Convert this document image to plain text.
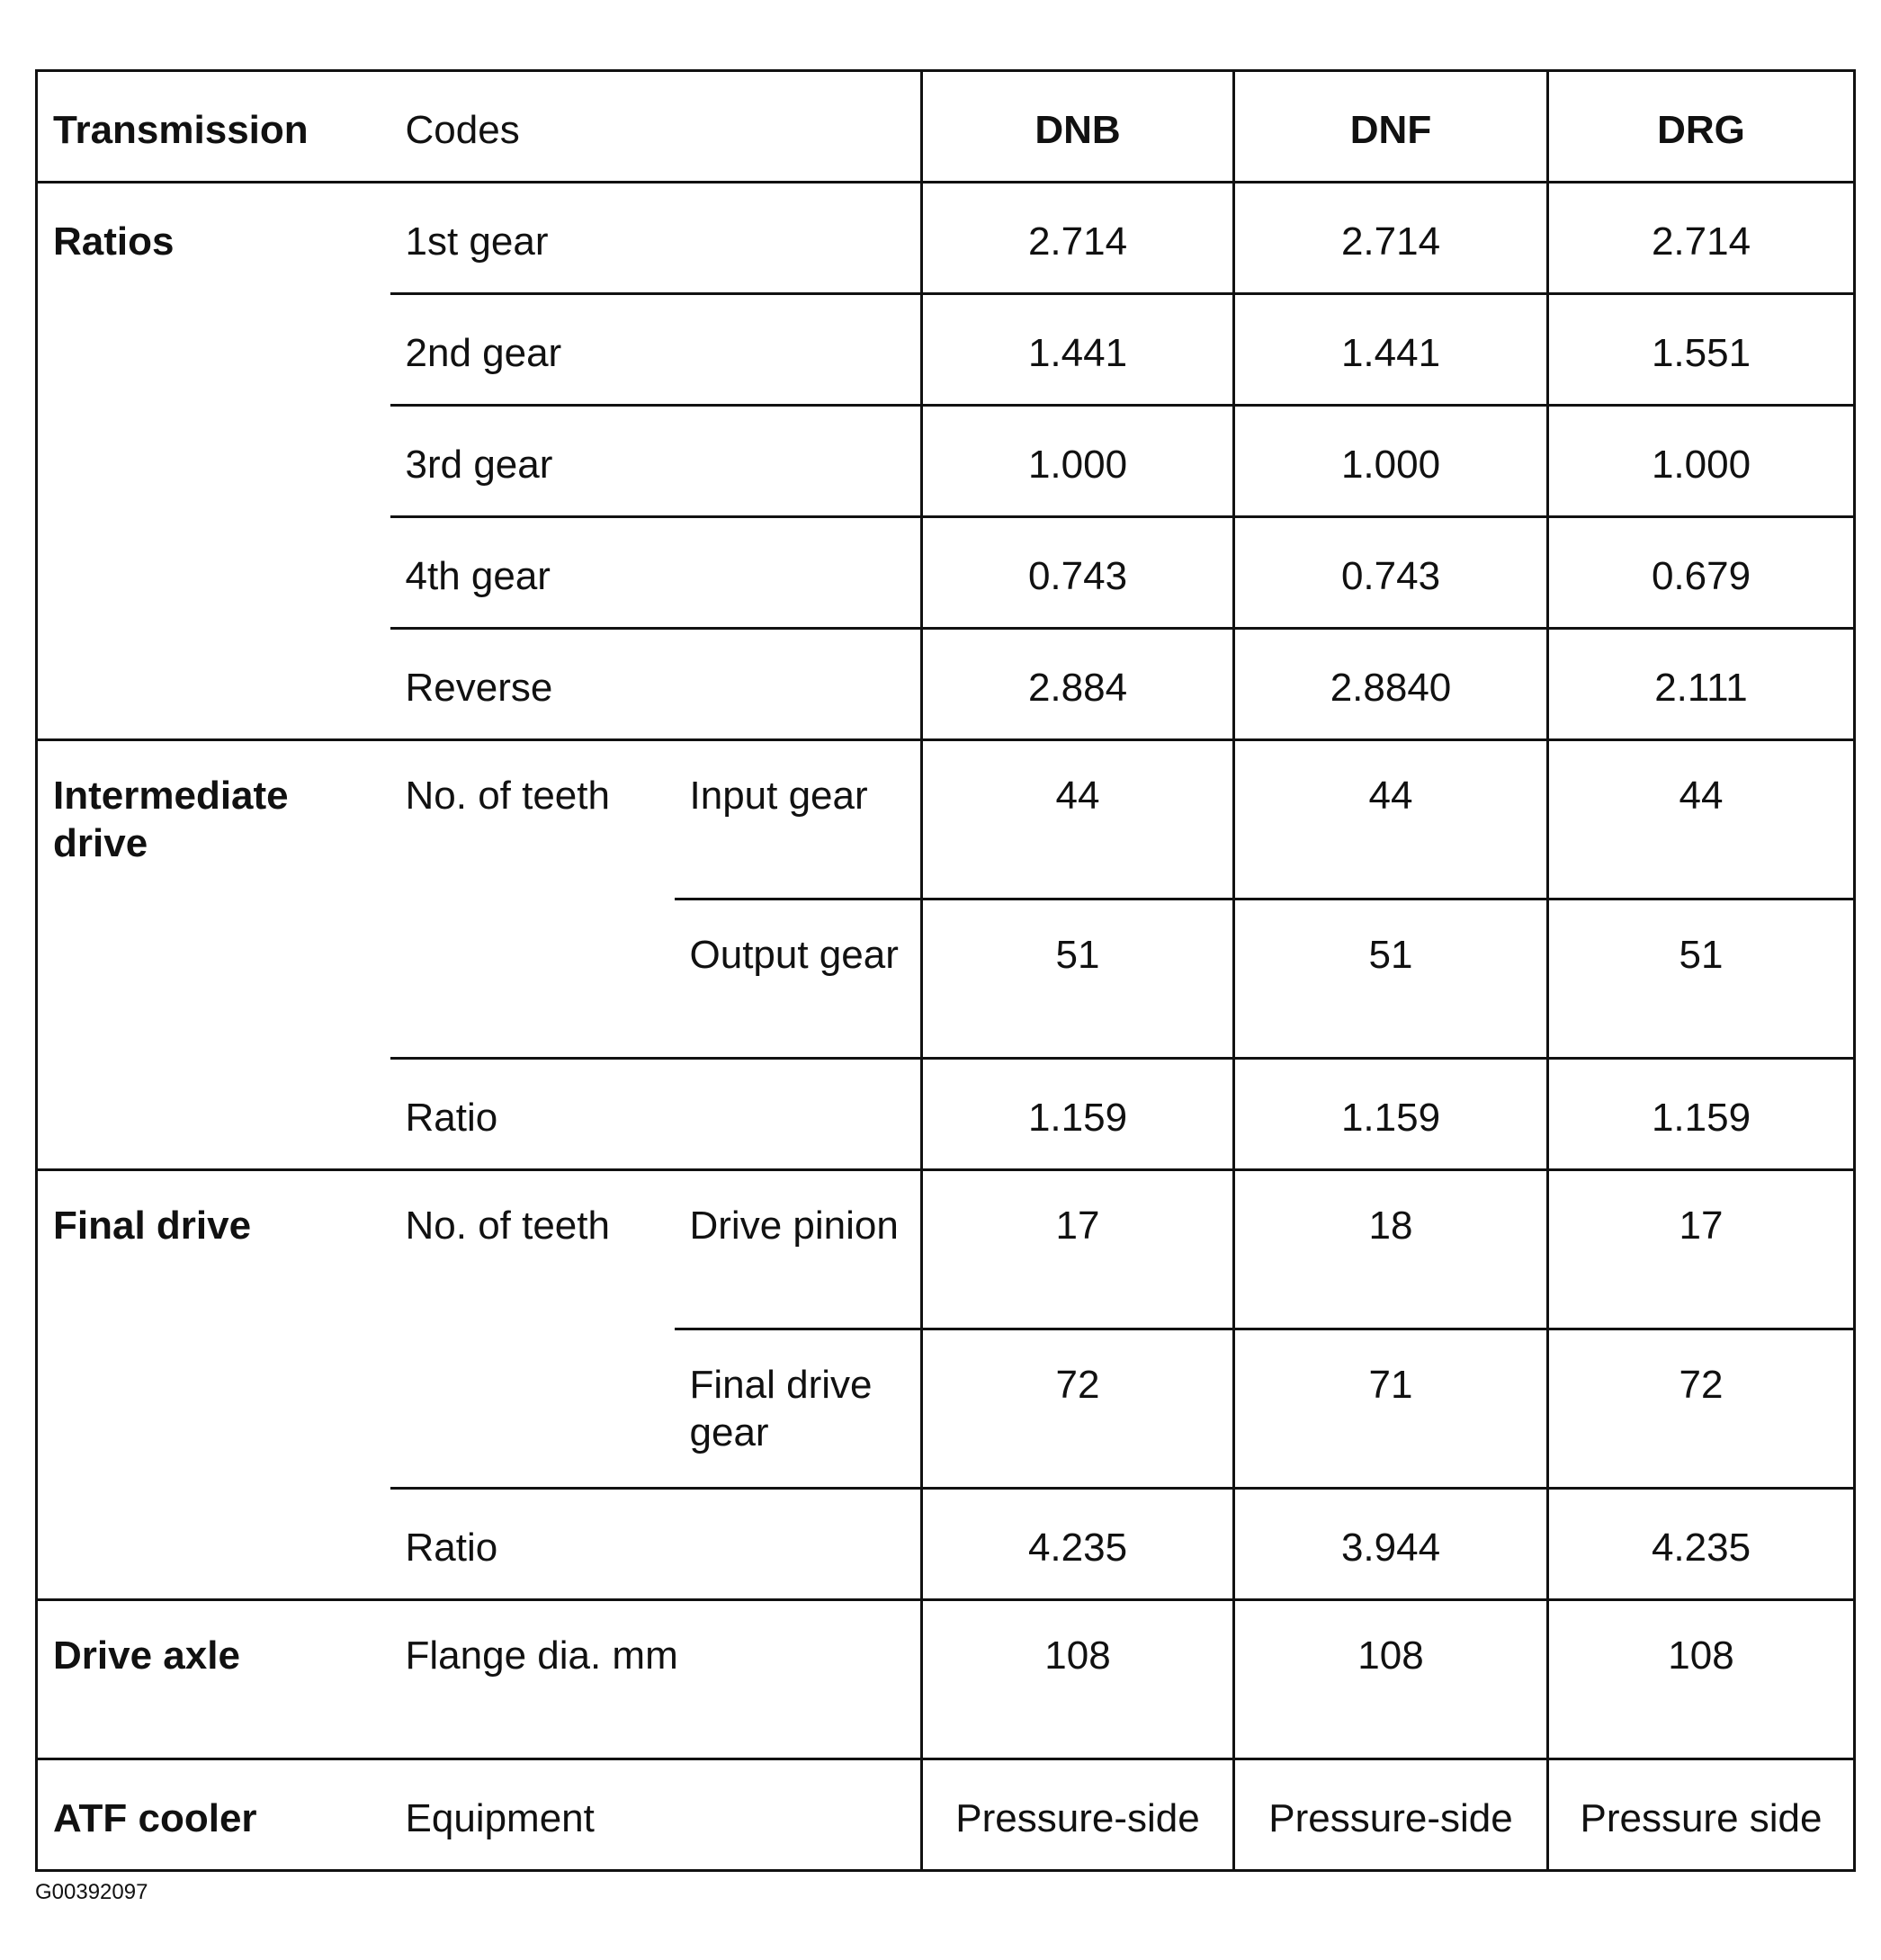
Transmission	Codes		DNB	DNF	DRG
Ratios	1st gear		2.714	2.714	2.714
	2nd gear		1.441	1.441	1.551
	3rd gear		1.000	1.000	1.000
	4th gear		0.743	0.743	0.679
	Reverse		2.884	2.8840	2.111
Intermediate drive	No. of teeth	Input gear	44	44	44
		Output gear	51	51	51
	Ratio		1.159	1.159	1.159
Final drive	No. of teeth	Drive pinion	17	18	17
		Final drive gear	72	71	72
	Ratio		4.235	3.944	4.235
Drive axle	Flange dia. mm		108	108	108
ATF cooler	Equipment		Pressure-side	Pressure-side	Pressure side
G00392097
